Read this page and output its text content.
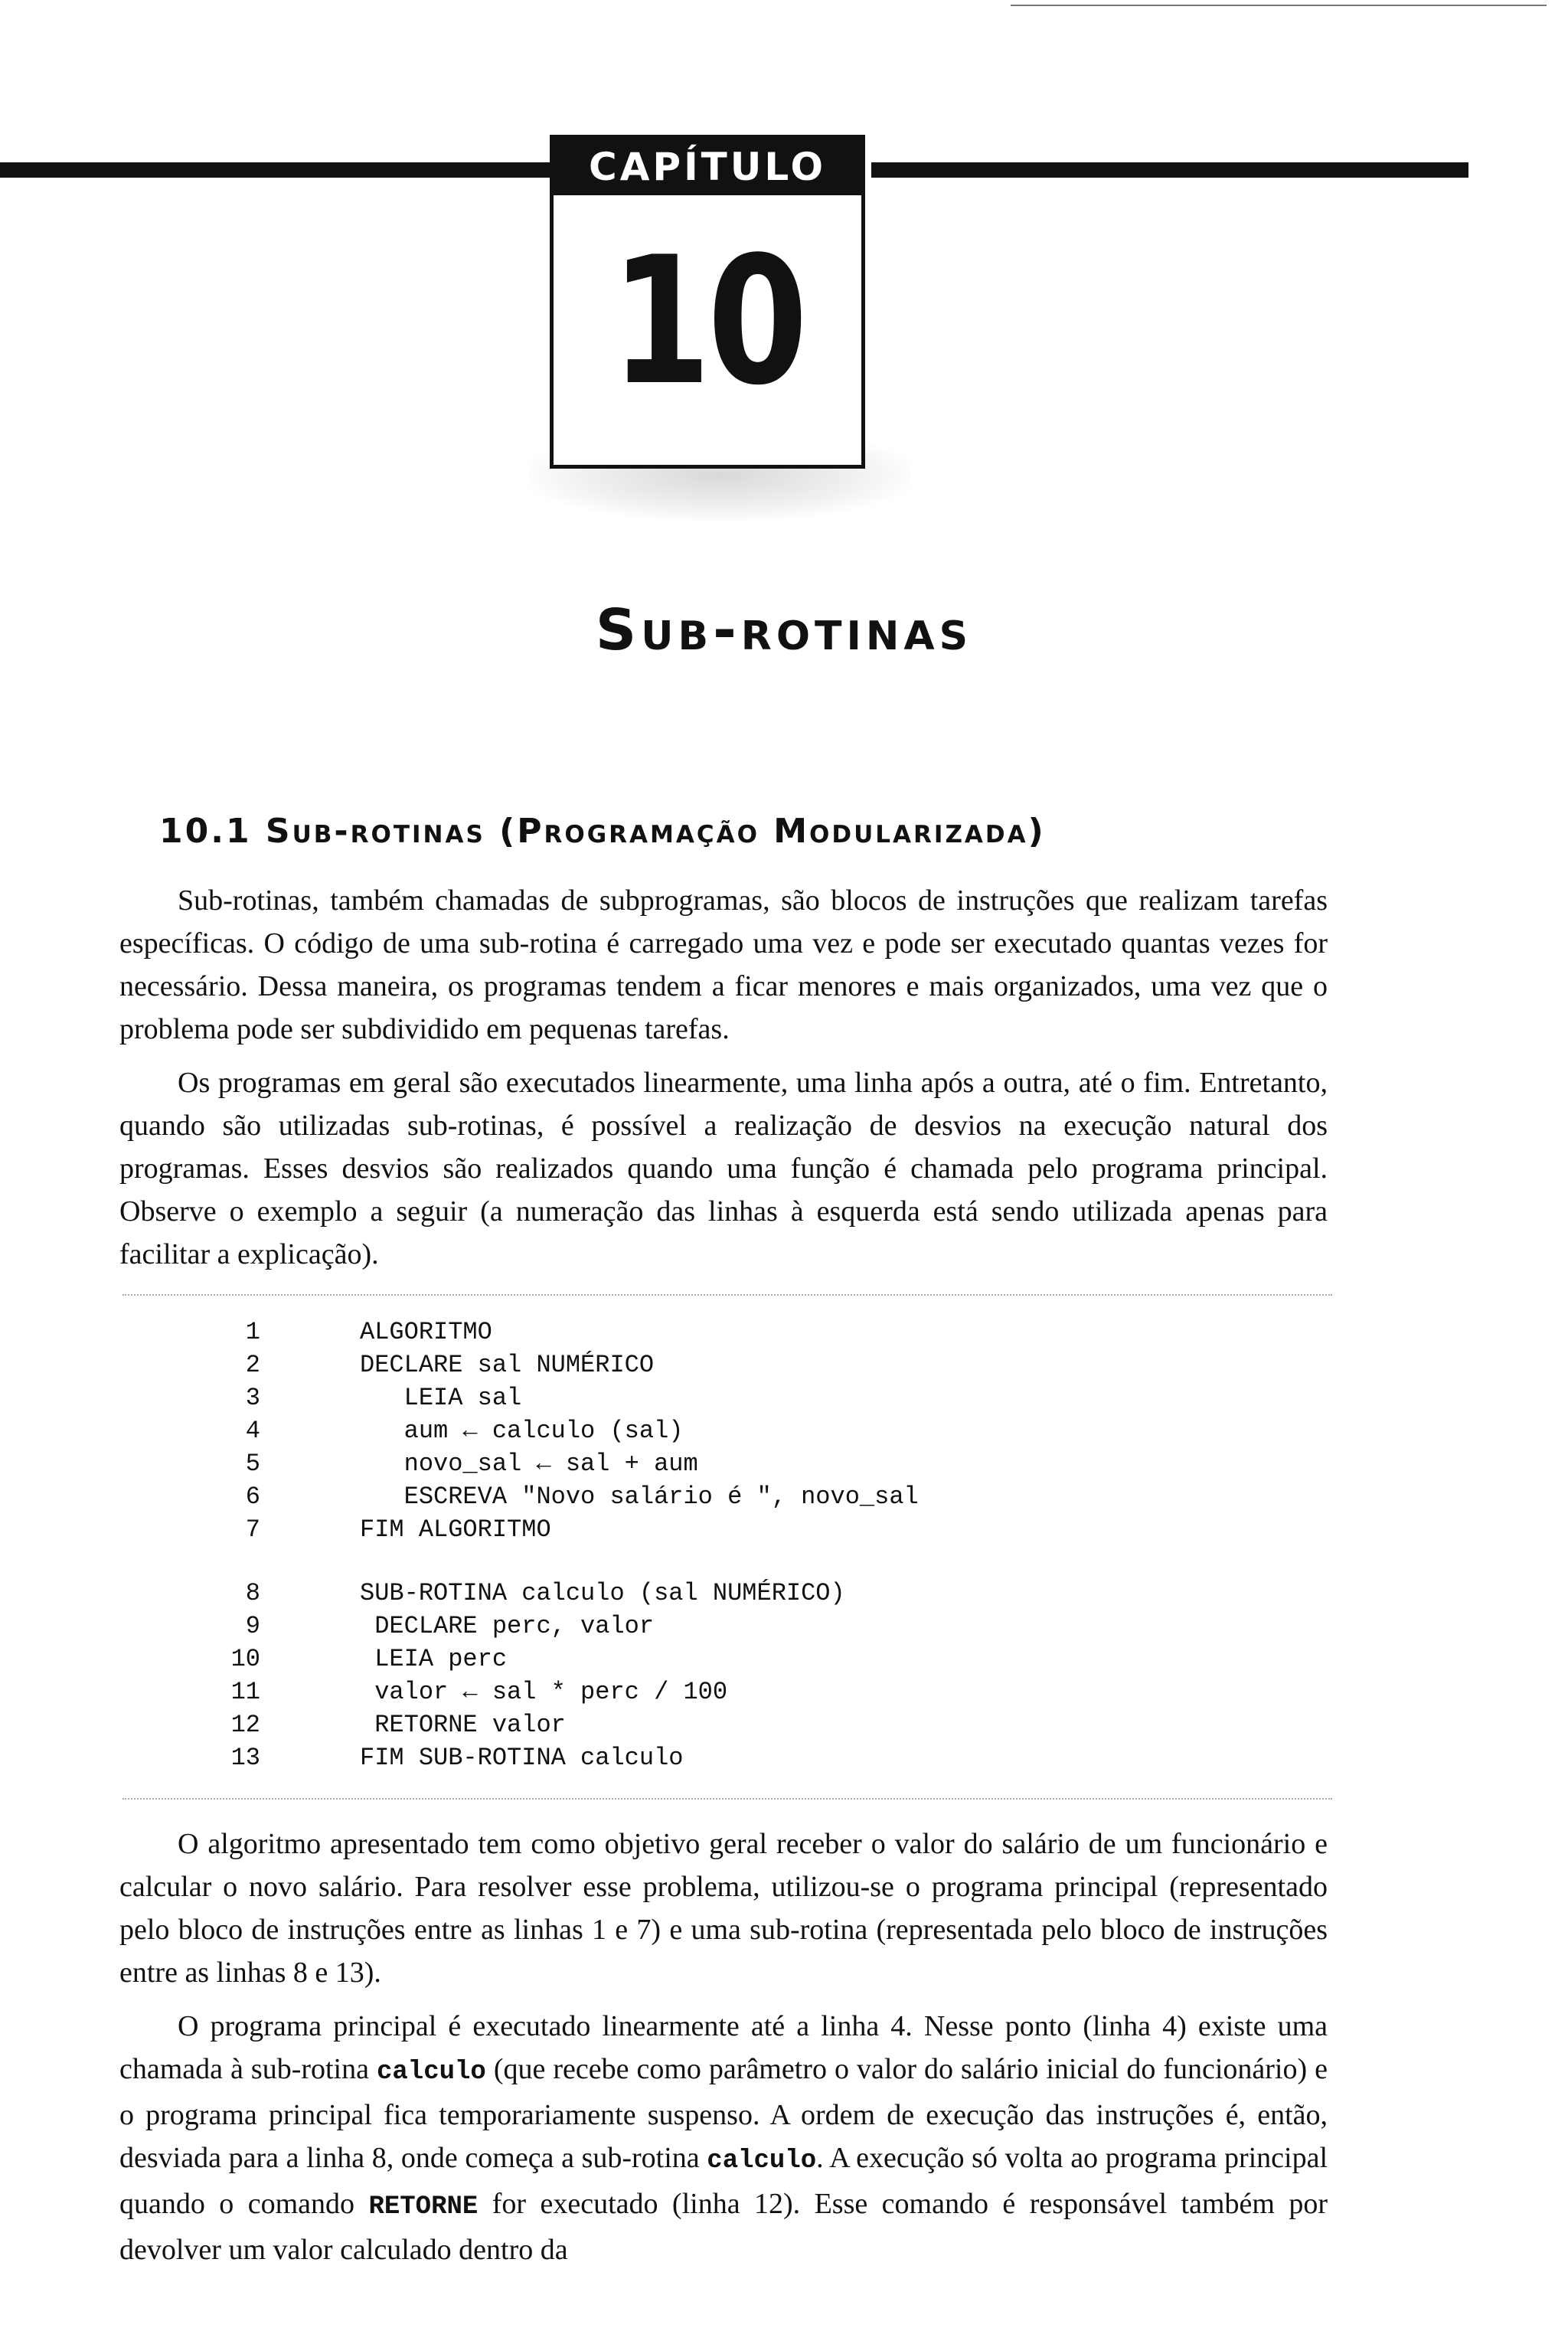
CAPÍTULO
10
Sub-rotinas
10.1 Sub-rotinas (Programação Modularizada)

Sub-rotinas, também chamadas de subprogramas, são blocos de instruções que realizam tarefas específicas. O código de uma sub-rotina é carregado uma vez e pode ser executado quantas vezes for necessário. Dessa maneira, os programas tendem a ficar menores e mais organizados, uma vez que o problema pode ser subdividido em pequenas tarefas.

Os programas em geral são executados linearmente, uma linha após a outra, até o fim. Entretanto, quando são utilizadas sub-rotinas, é possível a realização de desvios na execução natural dos programas. Esses desvios são realizados quando uma função é chamada pelo programa principal. Observe o exemplo a seguir (a numeração das linhas à esquerda está sendo utilizada apenas para facilitar a explicação).

1	ALGORITMO
2	DECLARE sal NUMÉRICO
3	LEIA sal
4	aum ← calculo (sal)
5	novo_sal ← sal + aum
6	ESCREVA "Novo salário é ", novo_sal
7	FIM ALGORITMO
8	SUB-ROTINA calculo (sal NUMÉRICO)
9	DECLARE perc, valor
10	LEIA perc
11	valor ← sal * perc / 100
12	RETORNE valor
13	FIM SUB-ROTINA calculo

O algoritmo apresentado tem como objetivo geral receber o valor do salário de um funcionário e calcular o novo salário. Para resolver esse problema, utilizou-se o programa principal (representado pelo bloco de instruções entre as linhas 1 e 7) e uma sub-rotina (representada pelo bloco de instruções entre as linhas 8 e 13).

O programa principal é executado linearmente até a linha 4. Nesse ponto (linha 4) existe uma chamada à sub-rotina calculo (que recebe como parâmetro o valor do salário inicial do funcionário) e o programa principal fica temporariamente suspenso. A ordem de execução das instruções é, então, desviada para a linha 8, onde começa a sub-rotina calculo. A execução só volta ao programa principal quando o comando RETORNE for executado (linha 12). Esse comando é responsável também por devolver um valor calculado dentro da
